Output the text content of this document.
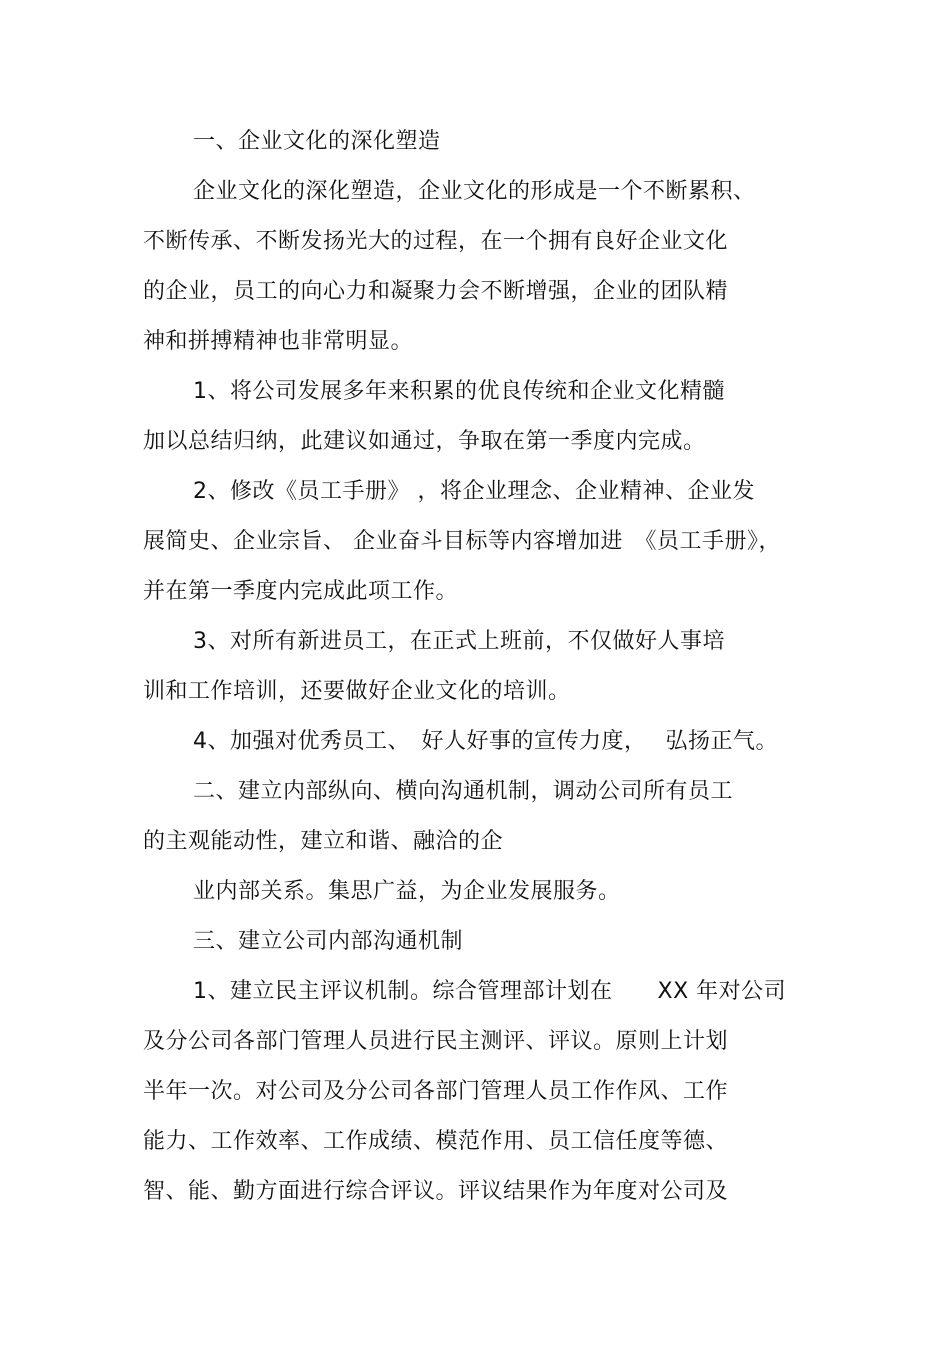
一、企业文化的深化塑造
企业文化的深化塑造，企业文化的形成是一个不断累积、
不断传承、不断发扬光大的过程，在一个拥有良好企业文化
的企业，员工的向心力和凝聚力会不断增强，企业的团队精
神和拼搏精神也非常明显。
1、将公司发展多年来积累的优良传统和企业文化精髓
加以总结归纳，此建议如通过，争取在第一季度内完成。
2、修改《员工手册》 ，将企业理念、企业精神、企业发
展简史、企业宗旨、 企业奋斗目标等内容增加进　《员工手册》，
并在第一季度内完成此项工作。
3、对所有新进员工，在正式上班前，不仅做好人事培
训和工作培训，还要做好企业文化的培训。
4、加强对优秀员工、　好人好事的宣传力度，　 弘扬正气。
二、建立内部纵向、横向沟通机制，调动公司所有员工
的主观能动性，建立和谐、融洽的企
业内部关系。集思广益，为企业发展服务。
三、建立公司内部沟通机制
1、建立民主评议机制。综合管理部计划在　　XX 年对公司
及分公司各部门管理人员进行民主测评、评议。原则上计划
半年一次。对公司及分公司各部门管理人员工作作风、工作
能力、工作效率、工作成绩、模范作用、员工信任度等德、
智、能、勤方面进行综合评议。评议结果作为年度对公司及
